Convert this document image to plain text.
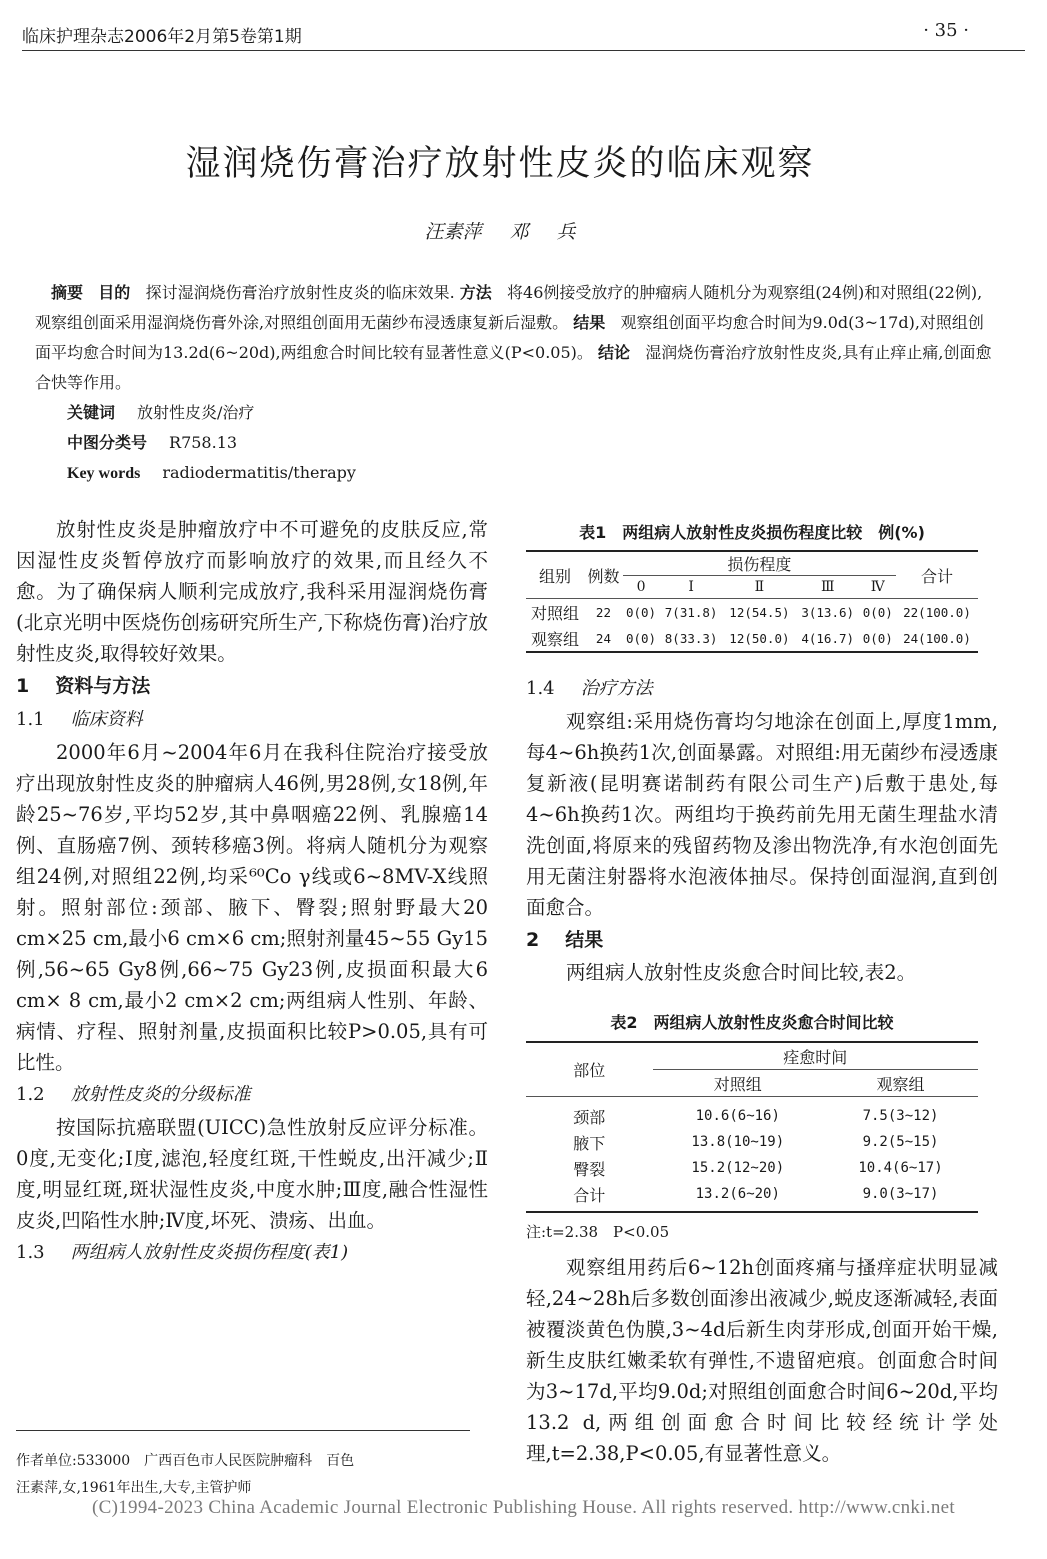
临床护理杂志2006年2月第5卷第1期	· 35 ·
湿润烧伤膏治疗放射性皮炎的临床观察
汪素萍 邓 兵

摘要 目的 探讨湿润烧伤膏治疗放射性皮炎的临床效果. 方法 将46例接受放疗的肿瘤病人随机分为观察组(24例)和对照组(22例),观察组创面采用湿润烧伤膏外涂,对照组创面用无菌纱布浸透康复新后湿敷。 结果 观察组创面平均愈合时间为9.0d(3~17d),对照组创面平均愈合时间为13.2d(6~20d),两组愈合时间比较有显著性意义(P<0.05)。 结论 湿润烧伤膏治疗放射性皮炎,具有止痒止痛,创面愈合快等作用。

关键词 放射性皮炎/治疗

中图分类号 R758.13

Key words radiodermatitis/therapy

放射性皮炎是肿瘤放疗中不可避免的皮肤反应,常因湿性皮炎暂停放疗而影响放疗的效果,而且经久不愈。为了确保病人顺利完成放疗,我科采用湿润烧伤膏(北京光明中医烧伤创疡研究所生产,下称烧伤膏)治疗放射性皮炎,取得较好效果。

1 资料与方法

1.1 临床资料

2000年6月~2004年6月在我科住院治疗接受放疗出现放射性皮炎的肿瘤病人46例,男28例,女18例,年龄25~76岁,平均52岁,其中鼻咽癌22例、乳腺癌14例、直肠癌7例、颈转移癌3例。将病人随机分为观察组24例,对照组22例,均采⁶⁰Co γ线或6~8MV-X线照射。照射部位:颈部、腋下、臀裂;照射野最大20 cm×25 cm,最小6 cm×6 cm;照射剂量45~55 Gy15例,56~65 Gy8例,66~75 Gy23例,皮损面积最大6 cm× 8 cm,最小2 cm×2 cm;两组病人性别、年龄、病情、疗程、照射剂量,皮损面积比较P>0.05,具有可比性。

1.2 放射性皮炎的分级标准

按国际抗癌联盟(UICC)急性放射反应评分标准。0度,无变化;Ⅰ度,滤泡,轻度红斑,干性蜕皮,出汗减少;Ⅱ度,明显红斑,斑状湿性皮炎,中度水肿;Ⅲ度,融合性湿性皮炎,凹陷性水肿;Ⅳ度,坏死、溃疡、出血。

1.3 两组病人放射性皮炎损伤程度(表1)

表1　两组病人放射性皮炎损伤程度比较　例(%)
组别	例数	损伤程度					合计
		0	Ⅰ	Ⅱ	Ⅲ	Ⅳ	
对照组	22	0(0)	7(31.8)	12(54.5)	3(13.6)	0(0)	22(100.0)
观察组	24	0(0)	8(33.3)	12(50.0)	4(16.7)	0(0)	24(100.0)

1.4 治疗方法

观察组:采用烧伤膏均匀地涂在创面上,厚度1mm,每4~6h换药1次,创面暴露。对照组:用无菌纱布浸透康复新液(昆明赛诺制药有限公司生产)后敷于患处,每4~6h换药1次。两组均于换药前先用无菌生理盐水清洗创面,将原来的残留药物及渗出物洗净,有水泡创面先用无菌注射器将水泡液体抽尽。保持创面湿润,直到创面愈合。

2 结果

两组病人放射性皮炎愈合时间比较,表2。

表2　两组病人放射性皮炎愈合时间比较
部位	痊愈时间	
	对照组	观察组
颈部	10.6(6~16)	7.5(3~12)
腋下	13.8(10~19)	9.2(5~15)
臀裂	15.2(12~20)	10.4(6~17)
合计	13.2(6~20)	9.0(3~17)
注:t=2.38　P<0.05

观察组用药后6~12h创面疼痛与搔痒症状明显减轻,24~28h后多数创面渗出液减少,蜕皮逐渐减轻,表面被覆淡黄色伪膜,3~4d后新生肉芽形成,创面开始干燥,新生皮肤红嫩柔软有弹性,不遗留疤痕。创面愈合时间为3~17d,平均9.0d;对照组创面愈合时间6~20d,平均13.2 d,两组创面愈合时间比较经统计学处理,t=2.38,P<0.05,有显著性意义。

作者单位:533000　广西百色市人民医院肿瘤科　百色
汪素萍,女,1961年出生,大专,主管护师
(C)1994-2023 China Academic Journal Electronic Publishing House. All rights reserved. http://www.cnki.net
